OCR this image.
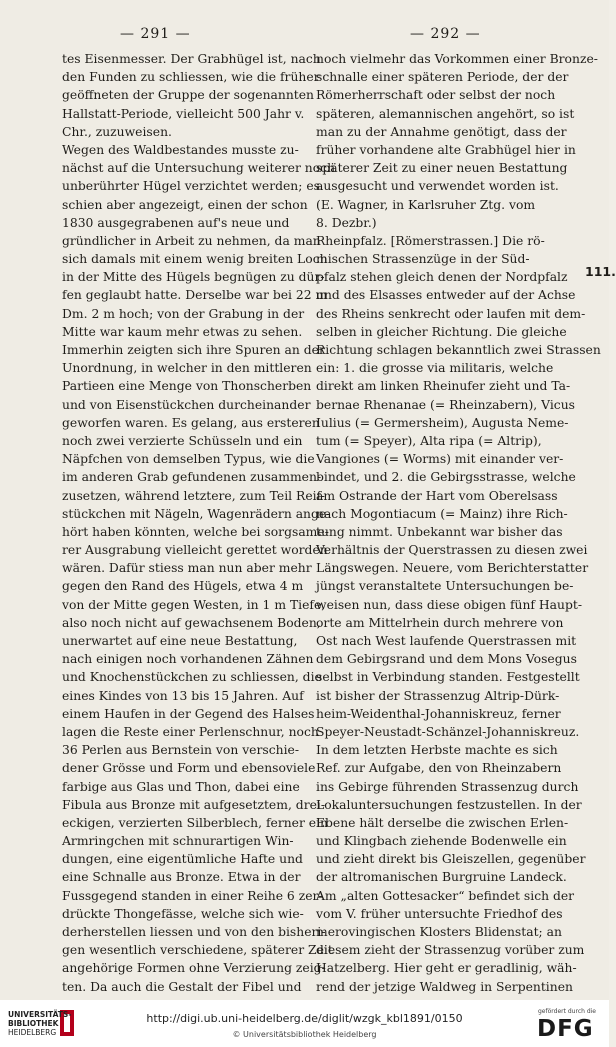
— 291 —	— 292 —
tes Eisenmesser. Der Grabhügel ist, nach
den Funden zu schliessen, wie die früher
geöffneten der Gruppe der sogenannten
Hallstatt-Periode, vielleicht 500 Jahr v.
Chr., zuzuweisen.
Wegen des Waldbestandes musste zu-
nächst auf die Untersuchung weiterer noch
unberührter Hügel verzichtet werden; es
schien aber angezeigt, einen der schon
1830 ausgegrabenen auf's neue und
gründlicher in Arbeit zu nehmen, da man
sich damals mit einem wenig breiten Loch
in der Mitte des Hügels begnügen zu dür-
fen geglaubt hatte. Derselbe war bei 22 m
Dm. 2 m hoch; von der Grabung in der
Mitte war kaum mehr etwas zu sehen.
Immerhin zeigten sich ihre Spuren an der
Unordnung, in welcher in den mittleren
Partieen eine Menge von Thonscherben
und von Eisenstückchen durcheinander
geworfen waren. Es gelang, aus ersteren
noch zwei verzierte Schüsseln und ein
Näpfchen von demselben Typus, wie die
im anderen Grab gefundenen zusammen-
zusetzen, während letztere, zum Teil Reif-
stückchen mit Nägeln, Wagenrädern ange-
hört haben könnten, welche bei sorgsame-
rer Ausgrabung vielleicht gerettet worden
wären. Dafür stiess man nun aber mehr
gegen den Rand des Hügels, etwa 4 m
von der Mitte gegen Westen, in 1 m Tiefe,
also noch nicht auf gewachsenem Boden,
unerwartet auf eine neue Bestattung,
nach einigen noch vorhandenen Zähnen
und Knochenstückchen zu schliessen, die
eines Kindes von 13 bis 15 Jahren. Auf
einem Haufen in der Gegend des Halses
lagen die Reste einer Perlenschnur, noch
36 Perlen aus Bernstein von verschie-
dener Grösse und Form und ebensoviele
farbige aus Glas und Thon, dabei eine
Fibula aus Bronze mit aufgesetztem, drei-
eckigen, verzierten Silberblech, ferner ein
Armringchen mit schnurartigen Win-
dungen, eine eigentümliche Hafte und
eine Schnalle aus Bronze. Etwa in der
Fussgegend standen in einer Reihe 6 zer-
drückte Thongefässe, welche sich wie-
derherstellen liessen und von den bisheri-
gen wesentlich verschiedene, späterer Zeit
angehörige Formen ohne Verzierung zeig-
ten. Da auch die Gestalt der Fibel und
noch vielmehr das Vorkommen einer Bronze-
schnalle einer späteren Periode, der der
Römerherrschaft oder selbst der noch
späteren, alemannischen angehört, so ist
man zu der Annahme genötigt, dass der
früher vorhandene alte Grabhügel hier in
späterer Zeit zu einer neuen Bestattung
ausgesucht und verwendet worden ist.
(E. Wagner, in Karlsruher Ztg. vom
8. Dezbr.)
Rheinpfalz. [Römerstrassen.] Die rö-
mischen Strassenzüge in der Süd-
pfalz stehen gleich denen der Nordpfalz
und des Elsasses entweder auf der Achse
des Rheins senkrecht oder laufen mit dem-
selben in gleicher Richtung. Die gleiche
Richtung schlagen bekanntlich zwei Strassen
ein: 1. die grosse via militaris, welche
direkt am linken Rheinufer zieht und Ta-
bernae Rhenanae (= Rheinzabern), Vicus
Iulius (= Germersheim), Augusta Neme-
tum (= Speyer), Alta ripa (= Altrip),
Vangiones (= Worms) mit einander ver-
bindet, und 2. die Gebirgsstrasse, welche
am Ostrande der Hart vom Oberelsass
nach Mogontiacum (= Mainz) ihre Rich-
tung nimmt. Unbekannt war bisher das
Verhältnis der Querstrassen zu diesen zwei
Längswegen. Neuere, vom Berichterstatter
jüngst veranstaltete Untersuchungen be-
weisen nun, dass diese obigen fünf Haupt-
orte am Mittelrhein durch mehrere von
Ost nach West laufende Querstrassen mit
dem Gebirgsrand und dem Mons Vosegus
selbst in Verbindung standen. Festgestellt
ist bisher der Strassenzug Altrip-Dürk-
heim-Weidenthal-Johanniskreuz, ferner
Speyer-Neustadt-Schänzel-Johanniskreuz.
In dem letzten Herbste machte es sich
Ref. zur Aufgabe, den von Rheinzabern
ins Gebirge führenden Strassenzug durch
Lokaluntersuchungen festzustellen. In der
Ebene hält derselbe die zwischen Erlen-
und Klingbach ziehende Bodenwelle ein
und zieht direkt bis Gleiszellen, gegenüber
der altromanischen Burgruine Landeck.
Am „alten Gottesacker“ befindet sich der
vom V. früher untersuchte Friedhof des
merovingischen Klosters Blidenstat; an
diesem zieht der Strassenzug vorüber zum
Hatzelberg. Hier geht er geradlinig, wäh-
rend der jetzige Waldweg in Serpentinen
111.
UNIVERSITÄTS-
BIBLIOTHEK
HEIDELBERG
http://digi.ub.uni-heidelberg.de/diglit/wzgk_kbl1891/0150
© Universitätsbibliothek Heidelberg
gefördert durch die
DFG
